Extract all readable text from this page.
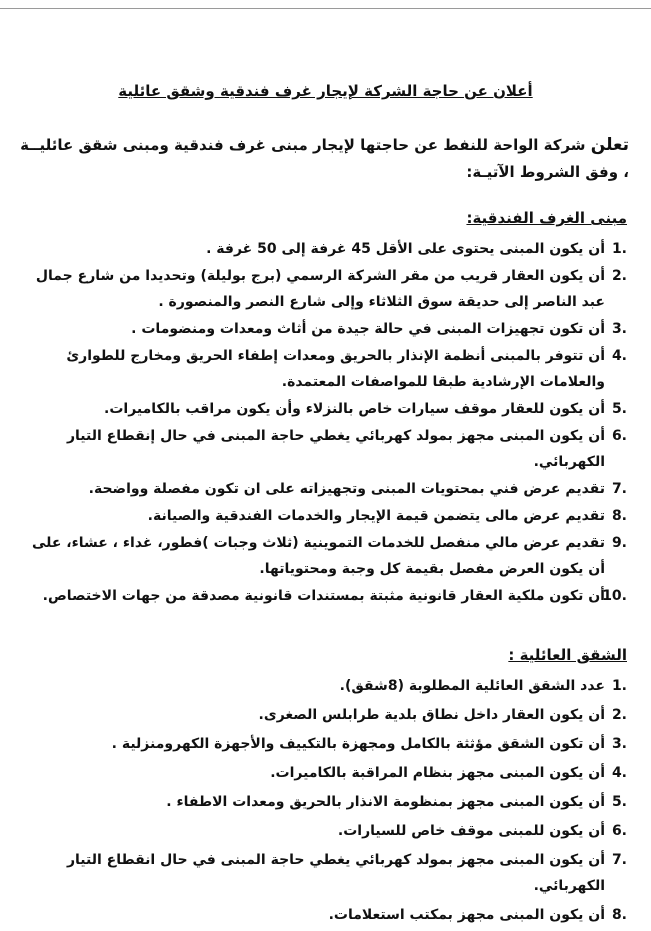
أعلان عن حاجة الشركة لإيجار غرف فندقية وشقق عائلية
تعلن شركة الواحة للنفط عن حاجتها لإيجار مبنى غرف فندقية ومبنى شقق عائليــة ، وفق الشروط الآتيـة:
مبنى الغرف الفندقية:
1.
أن يكون المبنى يحتوى على الأقل 45 غرفة إلى 50 غرفة .
2.
أن يكون العقار قريب من مقر الشركة الرسمي (برج بوليلة) وتحديدا من شارع جمال عبد الناصر إلى حديقة سوق الثلاثاء وإلى شارع النصر والمنصورة .
3.
أن تكون تجهيزات المبنى في حالة جيدة من أثاث ومعدات ومنضومات .
4.
أن تتوفر بالمبنى أنظمة الإنذار بالحريق ومعدات إطفاء الحريق ومخارج للطوارئ والعلامات الإرشادية طبقا للمواصفات المعتمدة.
5.
أن يكون للعقار موقف سيارات خاص بالنزلاء وأن يكون مراقب بالكاميرات.
6.
أن يكون المبنى مجهز بمولد كهربائي يغطي حاجة المبنى في حال إنقطاع التيار الكهربائي.
7.
تقديم عرض فني بمحتويات المبنى وتجهيزاته على ان تكون مفصلة وواضحة.
8.
تقديم عرض مالى يتضمن قيمة الإيجار والخدمات الفندقية والصيانة.
9.
تقديم عرض مالي منفصل للخدمات التموينية (ثلاث وجبات )فطور، غداء ، عشاء، على أن يكون العرض مفصل بقيمة كل وجبة ومحتوياتها.
10.
أن تكون ملكية العقار قانونية مثبتة بمستندات قانونية مصدقة من جهات الاختصاص.
الشقق العائلية :
1.
عدد الشقق العائلية المطلوبة (8شقق).
2.
أن يكون العقار داخل نطاق بلدية طرابلس الصغرى.
3.
أن تكون الشقق مؤثثة بالكامل ومجهزة بالتكييف والأجهزة الكهرومنزلية .
4.
أن يكون المبنى مجهز بنظام المراقبة بالكاميرات.
5.
أن يكون المبنى مجهز بمنظومة الانذار بالحريق ومعدات الاطفاء .
6.
أن يكون للمبنى موقف خاص للسيارات.
7.
أن يكون المبنى مجهز بمولد كهربائي يغطي حاجة المبنى في حال انقطاع التيار الكهربائي.
8.
أن يكون المبنى مجهز بمكتب استعلامات.
